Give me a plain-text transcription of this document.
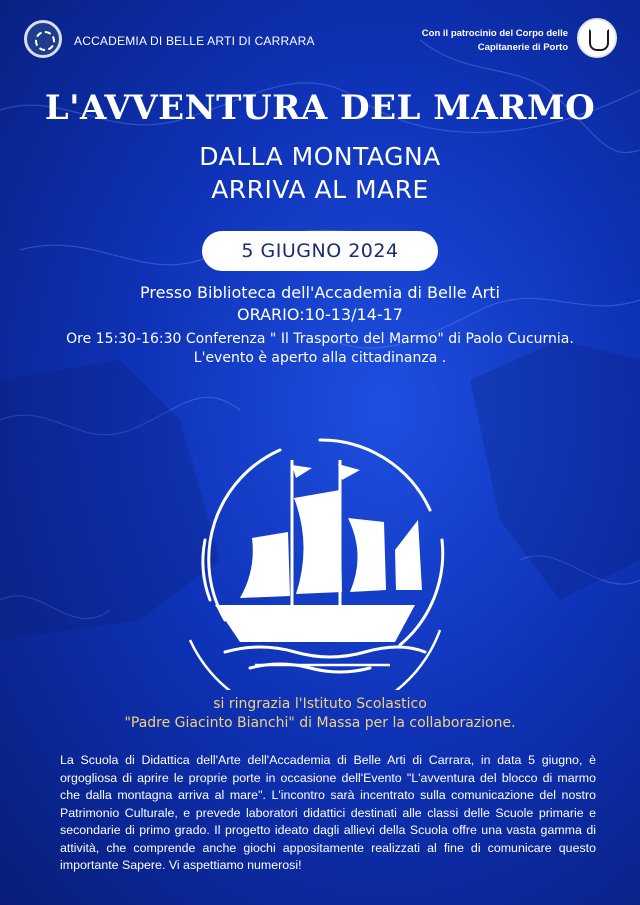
ACCADEMIA DI BELLE ARTI DI CARRARA
Con il patrocinio del Corpo delle
Capitanerie di Porto
L'AVVENTURA DEL MARMO
DALLA MONTAGNA
ARRIVA AL MARE
5 GIUGNO 2024
Presso Biblioteca dell'Accademia di Belle Arti
ORARIO:10-13/14-17
Ore 15:30-16:30 Conferenza " Il Trasporto del Marmo" di Paolo Cucurnia.
L'evento è aperto alla cittadinanza .
si ringrazia l'Istituto Scolastico
"Padre Giacinto Bianchi" di Massa per la collaborazione.

La Scuola di Didattica dell'Arte dell'Accademia di Belle Arti di Carrara, in data 5 giugno, è orgogliosa di aprire le proprie porte in occasione dell'Evento "L'avventura del blocco di marmo che dalla montagna arriva al mare". L'incontro sarà incentrato sulla comunicazione del nostro Patrimonio Culturale, e prevede laboratori didattici destinati alle classi delle Scuole primarie e secondarie di primo grado. Il progetto ideato dagli allievi della Scuola offre una vasta gamma di attività, che comprende anche giochi appositamente realizzati al fine di comunicare questo importante Sapere. Vi aspettiamo numerosi!
